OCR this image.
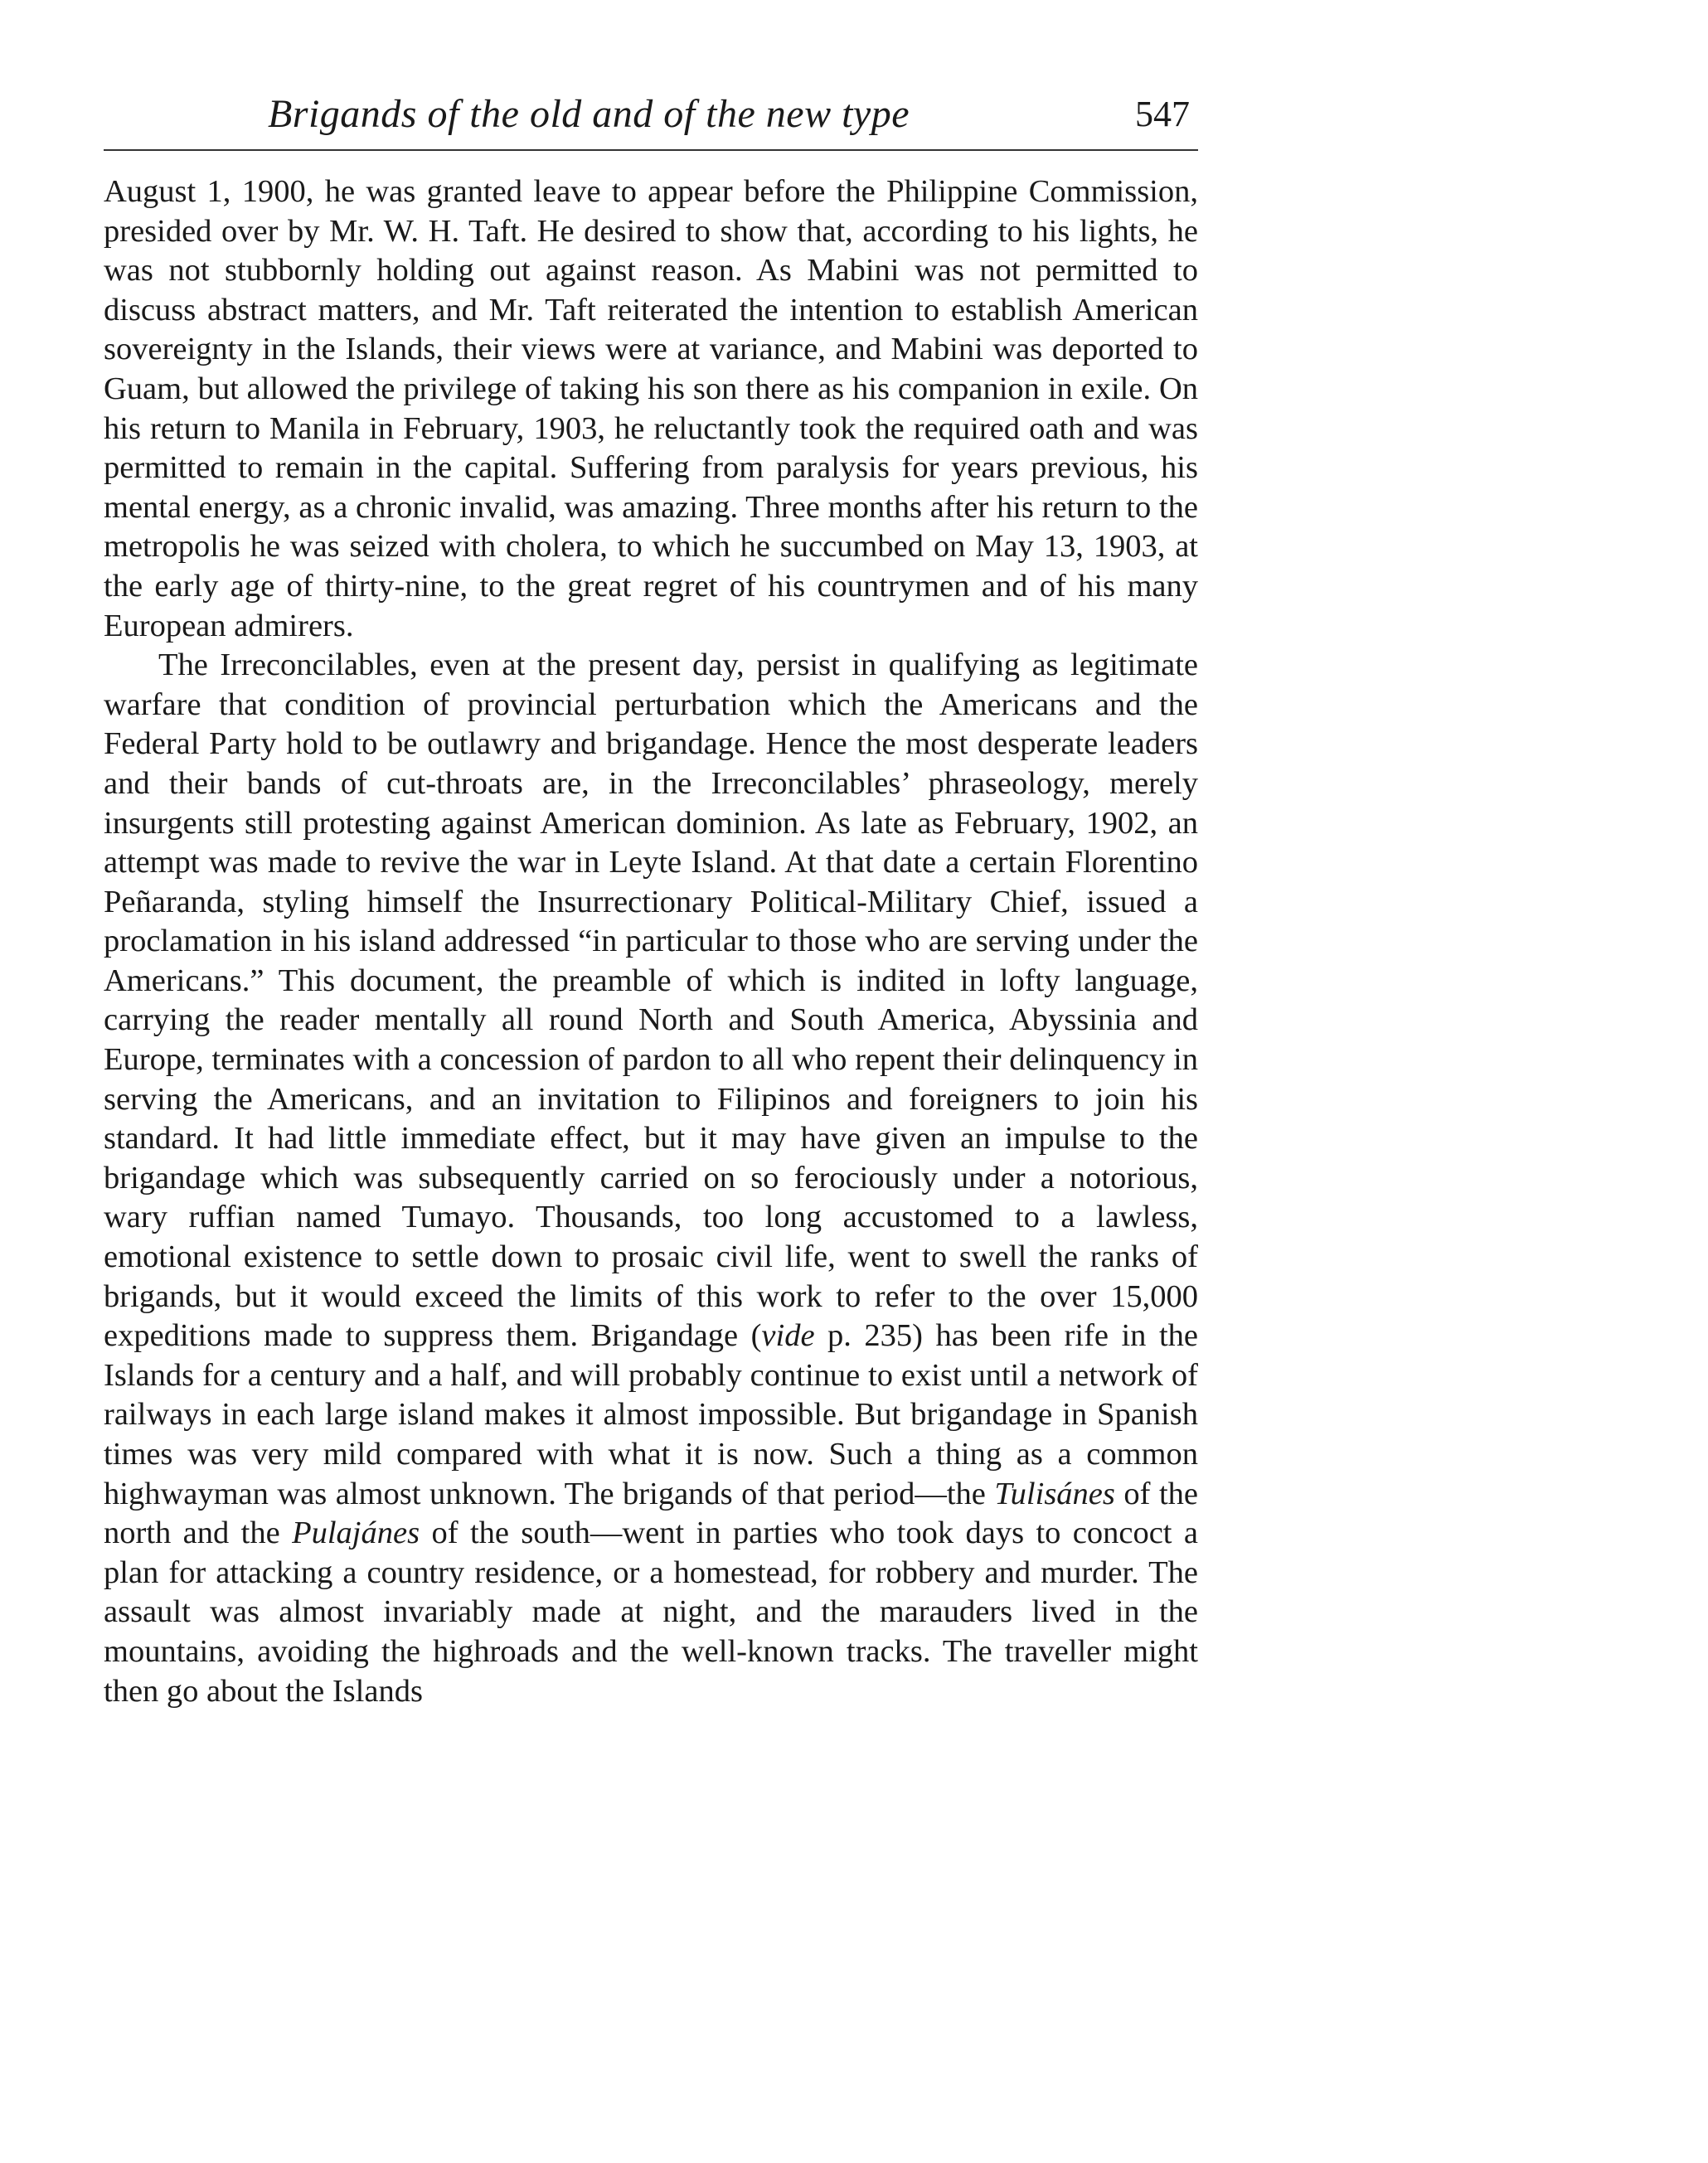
Brigands of the old and of the new type	547

August 1, 1900, he was granted leave to appear before the Philippine Commission, presided over by Mr. W. H. Taft. He desired to show that, according to his lights, he was not stubbornly holding out against reason. As Mabini was not permitted to discuss abstract matters, and Mr. Taft reiterated the intention to establish American sovereignty in the Islands, their views were at variance, and Mabini was deported to Guam, but allowed the privilege of taking his son there as his companion in exile. On his return to Manila in February, 1903, he reluctantly took the required oath and was permitted to remain in the capital. Suffering from paralysis for years previous, his mental energy, as a chronic invalid, was amazing. Three months after his return to the metropolis he was seized with cholera, to which he succumbed on May 13, 1903, at the early age of thirty-nine, to the great regret of his countrymen and of his many European admirers.

The Irreconcilables, even at the present day, persist in qualifying as legitimate warfare that condition of provincial perturbation which the Americans and the Federal Party hold to be outlawry and brigandage. Hence the most desperate leaders and their bands of cut-throats are, in the Irreconcilables’ phraseology, merely insurgents still protesting against American dominion. As late as February, 1902, an attempt was made to revive the war in Leyte Island. At that date a certain Florentino Peñaranda, styling himself the Insurrectionary Political-Military Chief, issued a proclamation in his island addressed “in particular to those who are serving under the Americans.” This document, the preamble of which is indited in lofty language, carrying the reader mentally all round North and South America, Abyssinia and Europe, terminates with a concession of pardon to all who repent their delinquency in serving the Americans, and an invitation to Filipinos and foreigners to join his standard. It had little immediate effect, but it may have given an impulse to the brigandage which was subsequently carried on so ferociously under a notorious, wary ruffian named Tumayo. Thousands, too long accustomed to a lawless, emotional existence to settle down to prosaic civil life, went to swell the ranks of brigands, but it would exceed the limits of this work to refer to the over 15,000 expeditions made to suppress them. Brigandage (vide p. 235) has been rife in the Islands for a century and a half, and will probably continue to exist until a network of railways in each large island makes it almost impossible. But brigandage in Spanish times was very mild compared with what it is now. Such a thing as a common highwayman was almost unknown. The brigands of that period—the Tulisánes of the north and the Pulajánes of the south—went in parties who took days to concoct a plan for attacking a country residence, or a homestead, for robbery and murder. The assault was almost invariably made at night, and the marauders lived in the mountains, avoiding the highroads and the well-known tracks. The traveller might then go about the Islands
